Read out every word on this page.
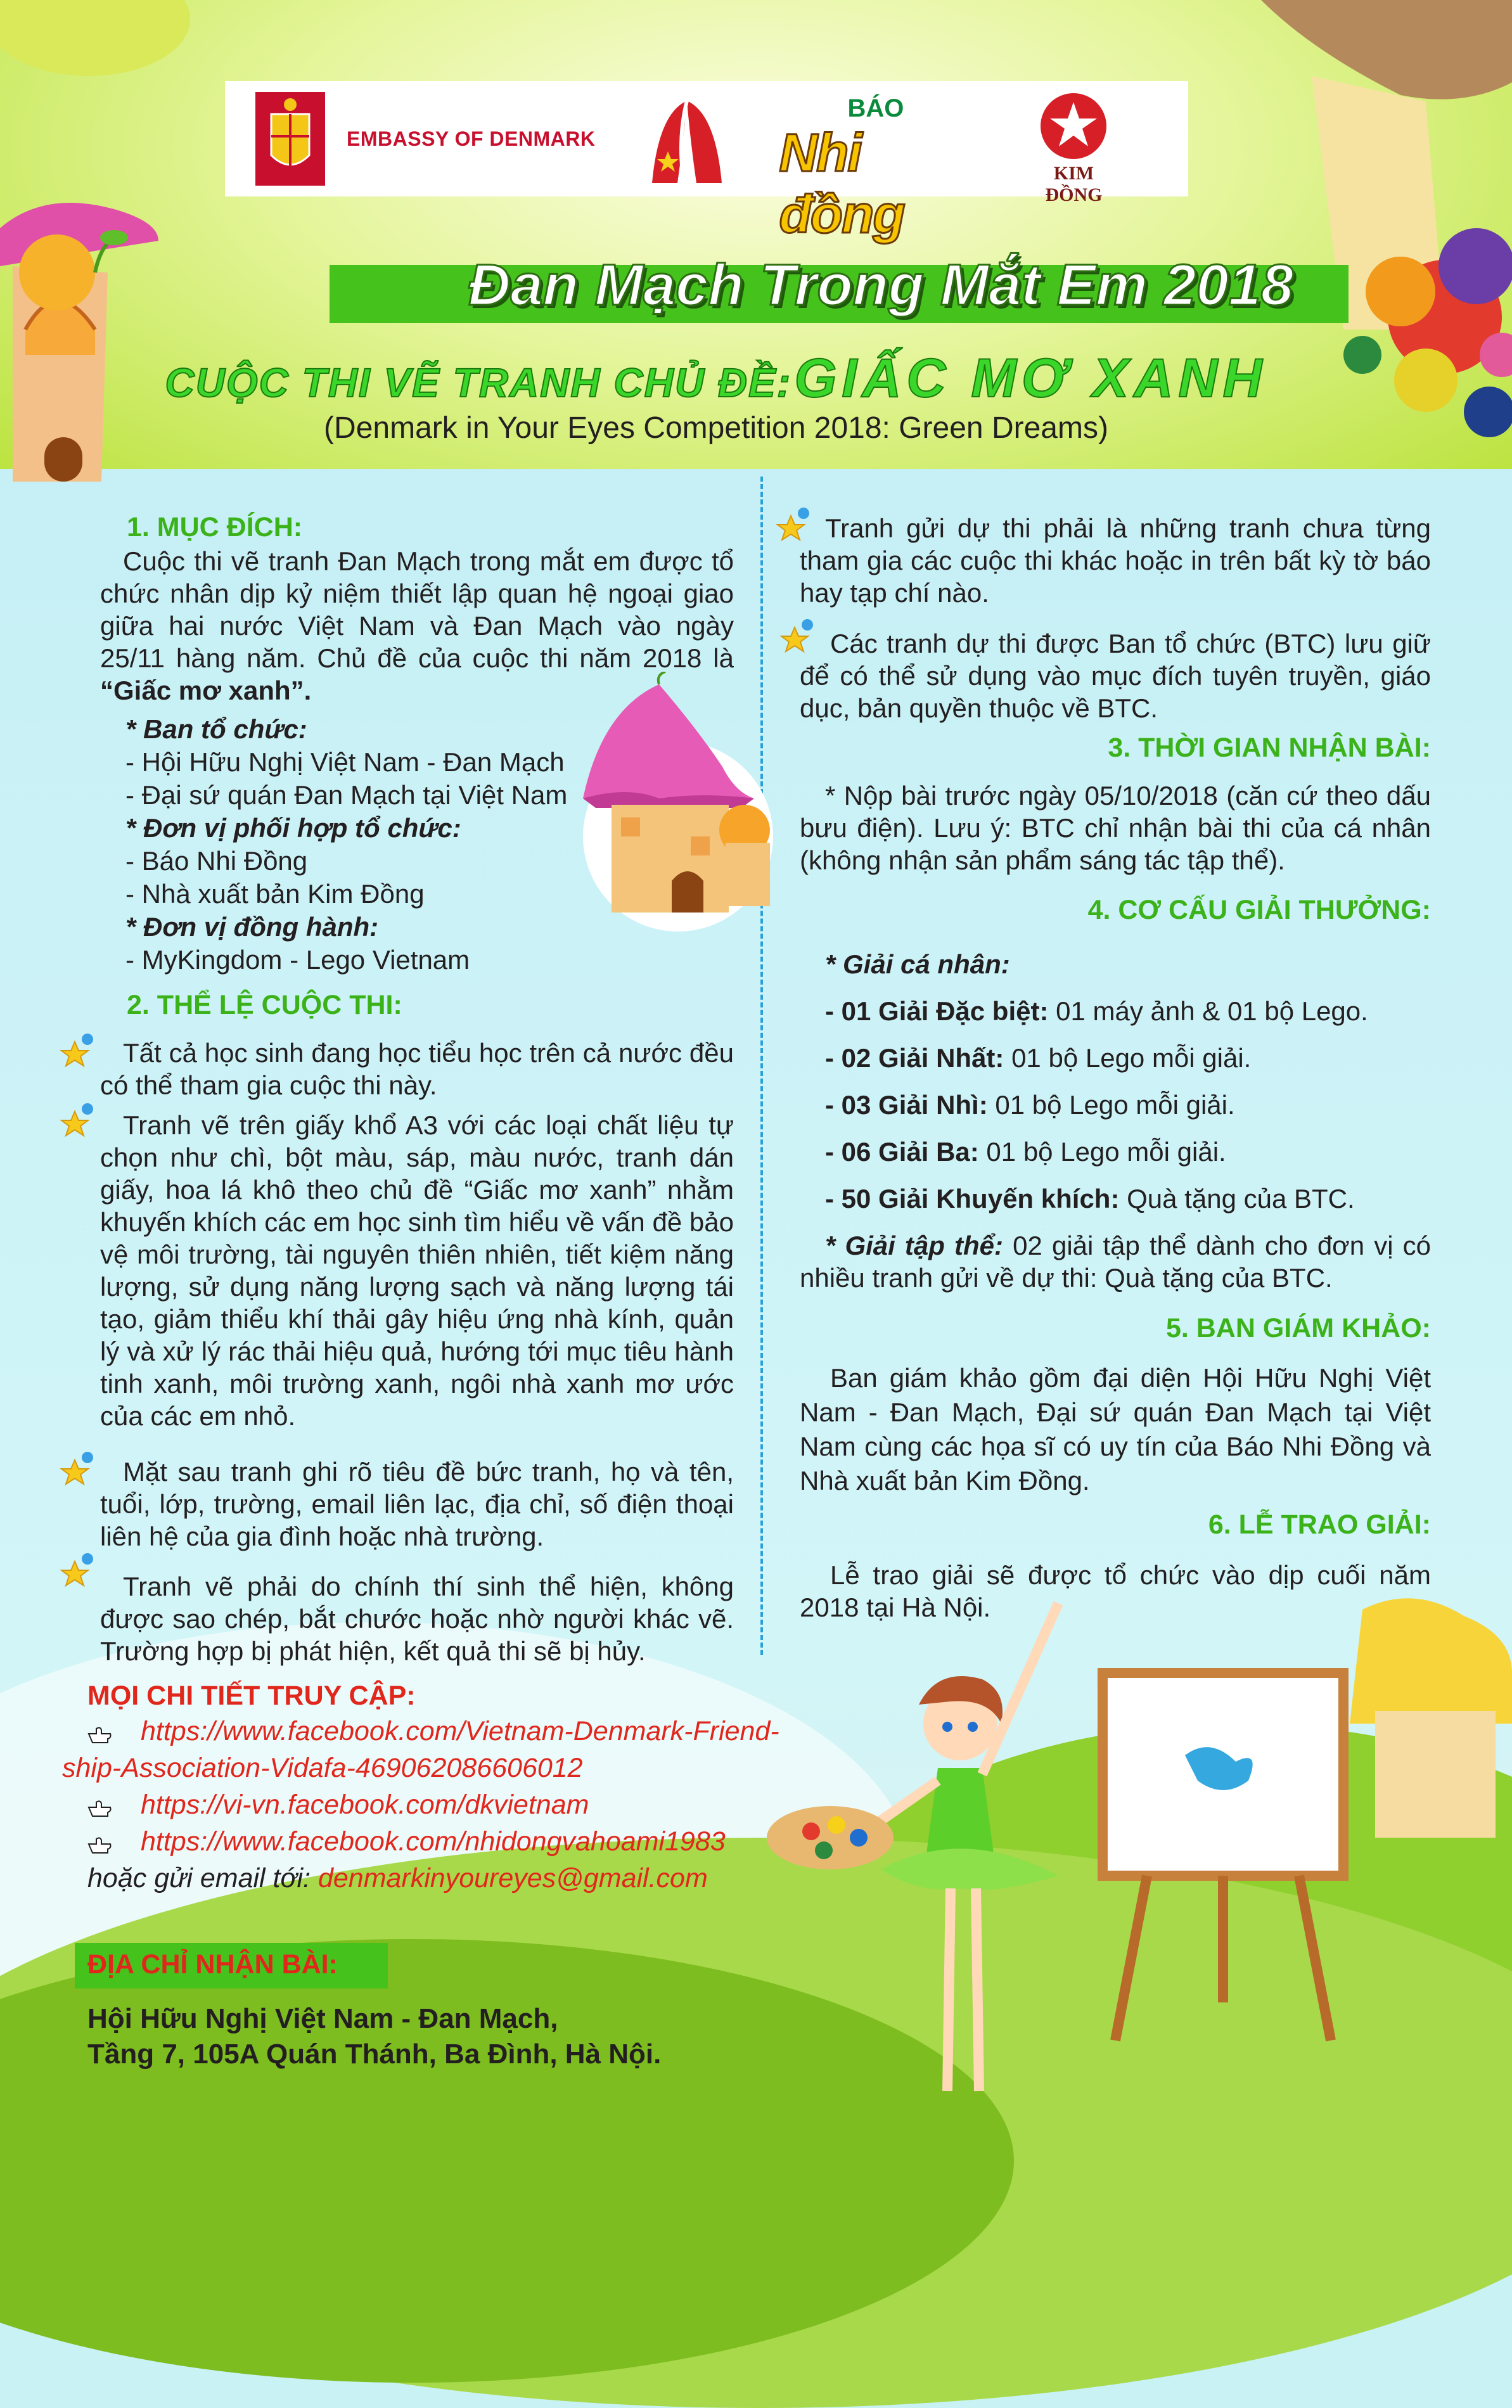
EMBASSY OF DENMARK
BÁO
Nhi đồng
KIM ĐỒNG
Đan Mạch Trong Mắt Em 2018
CUỘC THI VẼ TRANH CHỦ ĐỀ: GIẤC MƠ XANH
(Denmark in Your Eyes Competition 2018: Green Dreams)
1. MỤC ĐÍCH:
Cuộc thi vẽ tranh Đan Mạch trong mắt em được tổ chức nhân dịp kỷ niệm thiết lập quan hệ ngoại giao giữa hai nước Việt Nam và Đan Mạch vào ngày 25/11 hàng năm. Chủ đề của cuộc thi năm 2018 là “Giấc mơ xanh”.
* Ban tổ chức:
- Hội Hữu Nghị Việt Nam - Đan Mạch
- Đại sứ quán Đan Mạch tại Việt Nam
* Đơn vị phối hợp tổ chức:
- Báo Nhi Đồng
- Nhà xuất bản Kim Đồng
* Đơn vị đồng hành:
- MyKingdom - Lego Vietnam
2. THỂ LỆ CUỘC THI:
Tất cả học sinh đang học tiểu học trên cả nước đều có thể tham gia cuộc thi này.
Tranh vẽ trên giấy khổ A3 với các loại chất liệu tự chọn như chì, bột màu, sáp, màu nước, tranh dán giấy, hoa lá khô theo chủ đề “Giấc mơ xanh” nhằm khuyến khích các em học sinh tìm hiểu về vấn đề bảo vệ môi trường, tài nguyên thiên nhiên, tiết kiệm năng lượng, sử dụng năng lượng sạch và năng lượng tái tạo, giảm thiểu khí thải gây hiệu ứng nhà kính, quản lý và xử lý rác thải hiệu quả, hướng tới mục tiêu hành tinh xanh, môi trường xanh, ngôi nhà xanh mơ ước của các em nhỏ.
Mặt sau tranh ghi rõ tiêu đề bức tranh, họ và tên, tuổi, lớp, trường, email liên lạc, địa chỉ, số điện thoại liên hệ của gia đình hoặc nhà trường.
Tranh vẽ phải do chính thí sinh thể hiện, không được sao chép, bắt chước hoặc nhờ người khác vẽ. Trường hợp bị phát hiện, kết quả thi sẽ bị hủy.
MỌI CHI TIẾT TRUY CẬP:
https://www.facebook.com/Vietnam-Denmark-Friend-
ship-Association-Vidafa-469062086606012
https://vi-vn.facebook.com/dkvietnam
https://www.facebook.com/nhidongvahoami1983
hoặc gửi email tới: denmarkinyoureyes@gmail.com
ĐỊA CHỈ NHẬN BÀI:
Hội Hữu Nghị Việt Nam - Đan Mạch,
Tầng 7, 105A Quán Thánh, Ba Đình, Hà Nội.
Tranh gửi dự thi phải là những tranh chưa từng tham gia các cuộc thi khác hoặc in trên bất kỳ tờ báo hay tạp chí nào.
Các tranh dự thi được Ban tổ chức (BTC) lưu giữ để có thể sử dụng vào mục đích tuyên truyền, giáo dục, bản quyền thuộc về BTC.
3. THỜI GIAN NHẬN BÀI:
* Nộp bài trước ngày 05/10/2018 (căn cứ theo dấu bưu điện). Lưu ý: BTC chỉ nhận bài thi của cá nhân (không nhận sản phẩm sáng tác tập thể).
4. CƠ CẤU GIẢI THƯỞNG:
* Giải cá nhân:
- 01 Giải Đặc biệt: 01 máy ảnh & 01 bộ Lego.
- 02 Giải Nhất: 01 bộ Lego mỗi giải.
- 03 Giải Nhì: 01 bộ Lego mỗi giải.
- 06 Giải Ba: 01 bộ Lego mỗi giải.
- 50 Giải Khuyến khích: Quà tặng của BTC.
* Giải tập thể: 02 giải tập thể dành cho đơn vị có nhiều tranh gửi về dự thi: Quà tặng của BTC.
5. BAN GIÁM KHẢO:
Ban giám khảo gồm đại diện Hội Hữu Nghị Việt Nam - Đan Mạch, Đại sứ quán Đan Mạch tại Việt Nam cùng các họa sĩ có uy tín của Báo Nhi Đồng và Nhà xuất bản Kim Đồng.
6. LỄ TRAO GIẢI:
Lễ trao giải sẽ được tổ chức vào dịp cuối năm 2018 tại Hà Nội.
